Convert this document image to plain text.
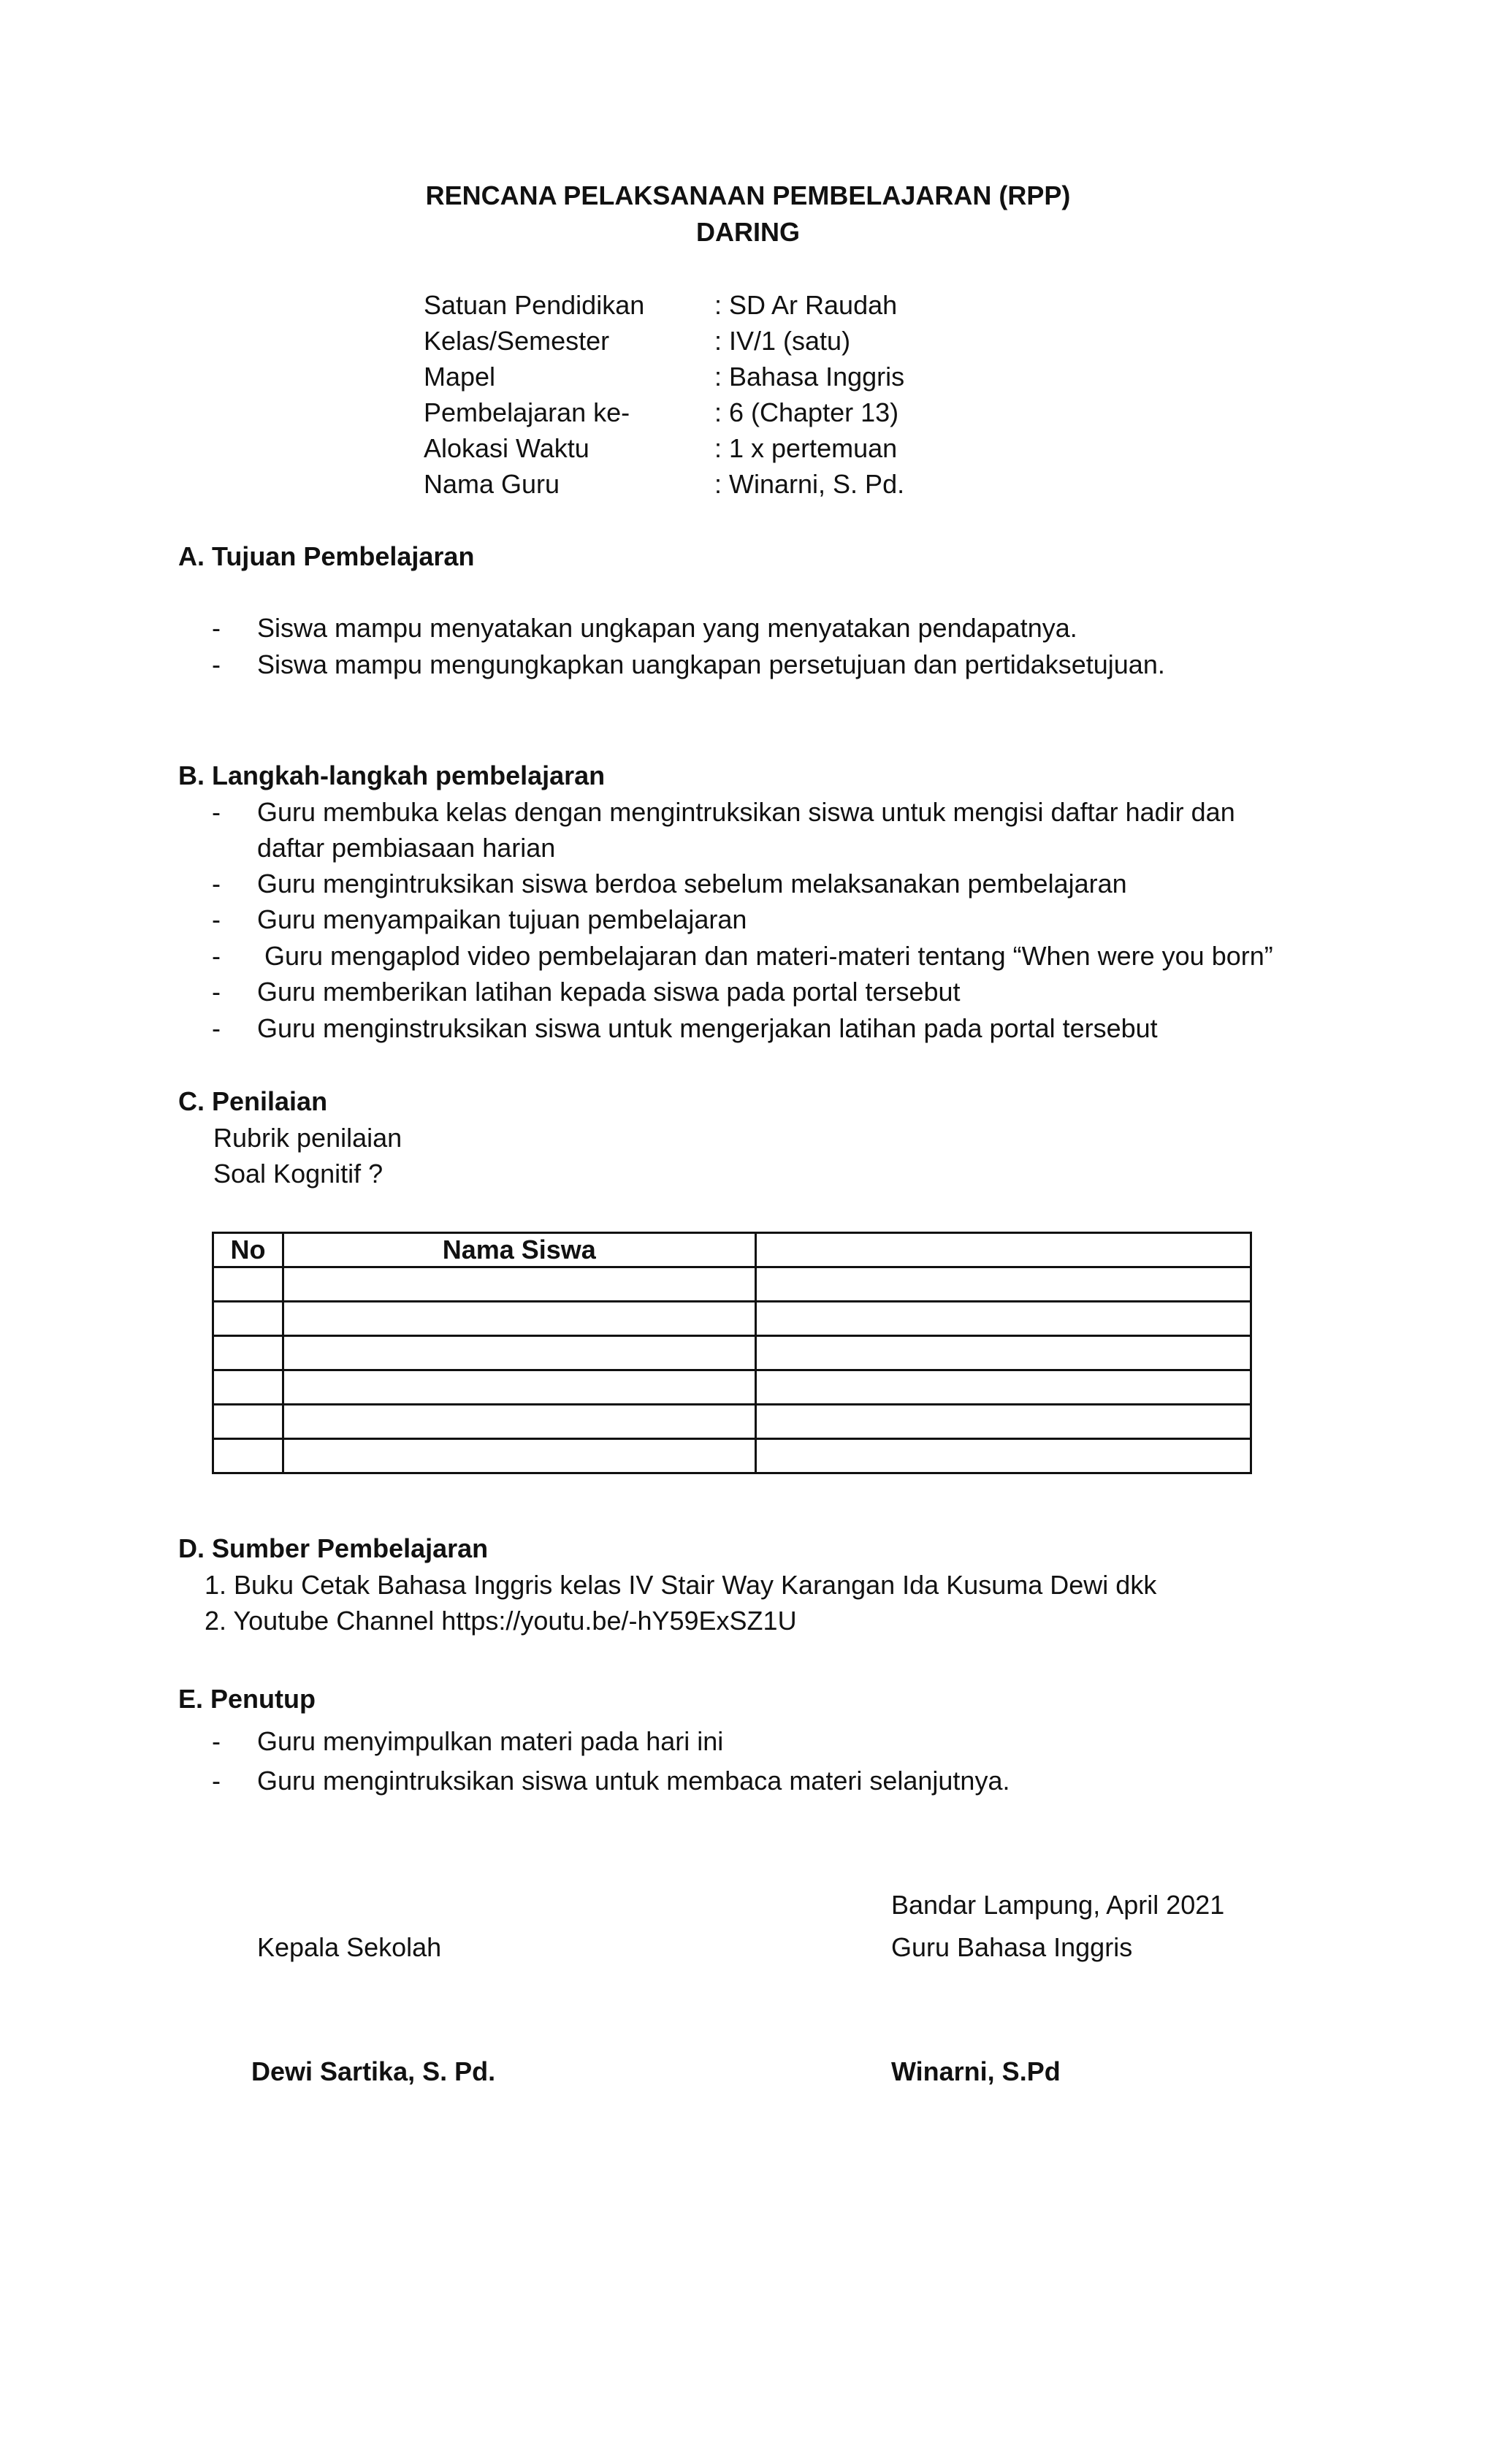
RENCANA PELAKSANAAN PEMBELAJARAN (RPP)
DARING
Satuan Pendidikan	: SD Ar Raudah
Kelas/Semester	: IV/1 (satu)
Mapel	: Bahasa Inggris
Pembelajaran ke-	: 6 (Chapter 13)
Alokasi Waktu	: 1 x pertemuan
Nama Guru	: Winarni, S. Pd.
A. Tujuan Pembelajaran
- Siswa mampu menyatakan ungkapan yang menyatakan pendapatnya.
- Siswa mampu mengungkapkan uangkapan persetujuan dan pertidaksetujuan.
B. Langkah-langkah pembelajaran
- Guru membuka kelas dengan mengintruksikan siswa untuk mengisi daftar hadir dan
daftar pembiasaan harian
- Guru mengintruksikan siswa berdoa sebelum melaksanakan pembelajaran
- Guru menyampaikan tujuan pembelajaran
- Guru mengaplod video pembelajaran dan materi-materi tentang “When were you born”
- Guru memberikan latihan kepada siswa pada portal tersebut
- Guru menginstruksikan siswa untuk mengerjakan latihan pada portal tersebut
C. Penilaian
Rubrik penilaian
Soal Kognitif ?
No	Nama Siswa	

D. Sumber Pembelajaran
1. Buku Cetak Bahasa Inggris kelas IV Stair Way Karangan Ida Kusuma Dewi dkk
2. Youtube Channel https://youtu.be/-hY59ExSZ1U
E. Penutup
- Guru menyimpulkan materi pada hari ini
- Guru mengintruksikan siswa untuk membaca materi selanjutnya.
Bandar Lampung, April 2021
Kepala Sekolah	Guru Bahasa Inggris
Dewi Sartika, S. Pd.	Winarni, S.Pd
